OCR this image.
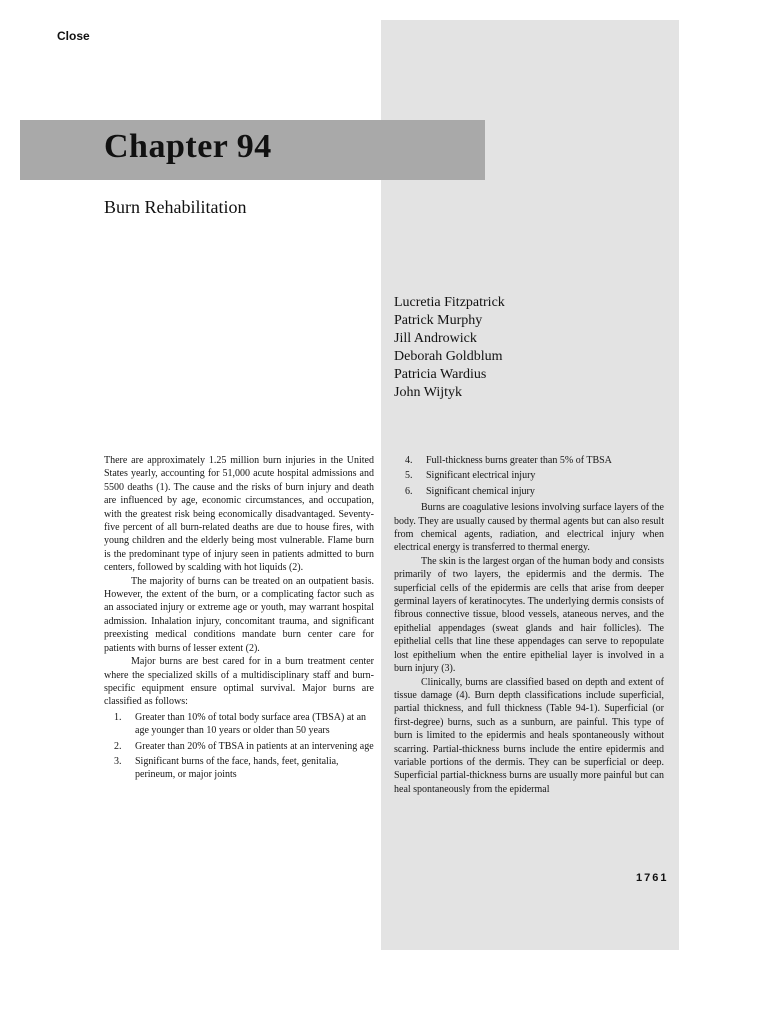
Close
Chapter 94
Burn Rehabilitation
Lucretia Fitzpatrick
Patrick Murphy
Jill Androwick
Deborah Goldblum
Patricia Wardius
John Wijtyk

There are approximately 1.25 million burn injuries in the United States yearly, accounting for 51,000 acute hospital admissions and 5500 deaths (1). The cause and the risks of burn injury and death are influenced by age, economic circumstances, and occupation, with the greatest risk being economically disadvantaged. Seventy-five percent of all burn-related deaths are due to house fires, with young children and the elderly being most vulnerable. Flame burn is the predominant type of injury seen in patients admitted to burn centers, followed by scalding with hot liquids (2).

The majority of burns can be treated on an outpatient basis. However, the extent of the burn, or a complicating factor such as an associated injury or extreme age or youth, may warrant hospital admission. Inhalation injury, concomitant trauma, and significant preexisting medical conditions mandate burn center care for patients with burns of lesser extent (2).

Major burns are best cared for in a burn treatment center where the specialized skills of a multidisciplinary staff and burn-specific equipment ensure optimal survival. Major burns are classified as follows:

1. Greater than 10% of total body surface area (TBSA) at an age younger than 10 years or older than 50 years
2. Greater than 20% of TBSA in patients at an intervening age
3. Significant burns of the face, hands, feet, genitalia, perineum, or major joints
4. Full-thickness burns greater than 5% of TBSA
5. Significant electrical injury
6. Significant chemical injury

Burns are coagulative lesions involving surface layers of the body. They are usually caused by thermal agents but can also result from chemical agents, radiation, and electrical injury when electrical energy is transferred to thermal energy.

The skin is the largest organ of the human body and consists primarily of two layers, the epidermis and the dermis. The superficial cells of the epidermis are cells that arise from deeper germinal layers of keratinocytes. The underlying dermis consists of fibrous connective tissue, blood vessels, ataneous nerves, and the epithelial appendages (sweat glands and hair follicles). The epithelial cells that line these appendages can serve to repopulate lost epithelium when the entire epithelial layer is involved in a burn injury (3).

Clinically, burns are classified based on depth and extent of tissue damage (4). Burn depth classifications include superficial, partial thickness, and full thickness (Table 94-1). Superficial (or first-degree) burns, such as a sunburn, are painful. This type of burn is limited to the epidermis and heals spontaneously without scarring. Partial-thickness burns include the entire epidermis and variable portions of the dermis. They can be superficial or deep. Superficial partial-thickness burns are usually more painful but can heal spontaneously from the epidermal

1761
